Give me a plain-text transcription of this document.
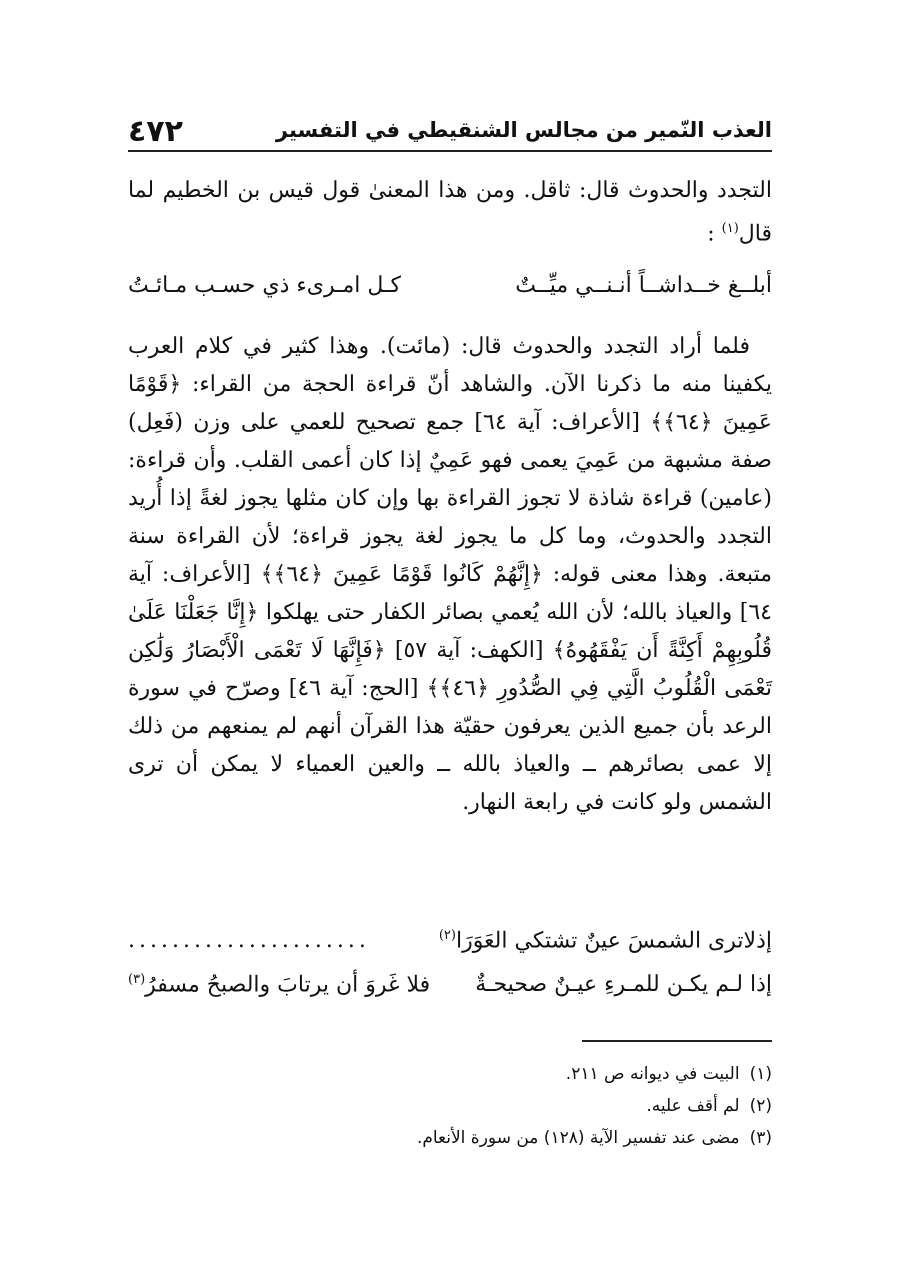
٤٧٢	العذب النّمير من مجالس الشنقيطي في التفسير

التجدد والحدوث قال: ثاقل. ومن هذا المعنىٰ قول قيس بن الخطيم لما قال$^{(١)}$ :

أبلــغ خــداشــاً أنـنــي ميِّــتٌ
كـل امـرىء ذي حسـب مـائـتُ

فلما أراد التجدد والحدوث قال: (مائت). وهذا كثير في كلام العرب يكفينا منه ما ذكرنا الآن. والشاهد أنّ قراءة الحجة من القراء: ﴿قَوْمًا عَمِينَ ﴿٦٤﴾﴾ [الأعراف: آية ٦٤] جمع تصحيح للعمي على وزن (فَعِل) صفة مشبهة من عَمِيَ يعمى فهو عَمِيٌ إذا كان أعمى القلب. وأن قراءة: (عامين) قراءة شاذة لا تجوز القراءة بها وإن كان مثلها يجوز لغةً إذا أُريد التجدد والحدوث، وما كل ما يجوز لغة يجوز قراءة؛ لأن القراءة سنة متبعة. وهذا معنى قوله: ﴿إِنَّهُمْ كَانُوا قَوْمًا عَمِينَ ﴿٦٤﴾﴾ [الأعراف: آية ٦٤] والعياذ بالله؛ لأن الله يُعمي بصائر الكفار حتى يهلكوا ﴿إِنَّا جَعَلْنَا عَلَىٰ قُلُوبِهِمْ أَكِنَّةً أَن يَفْقَهُوهُ﴾ [الكهف: آية ٥٧] ﴿فَإِنَّهَا لَا تَعْمَى الْأَبْصَارُ وَلَٰكِن تَعْمَى الْقُلُوبُ الَّتِي فِي الصُّدُورِ ﴿٤٦﴾﴾ [الحج: آية ٤٦] وصرّح في سورة الرعد بأن جميع الذين يعرفون حقيّة هذا القرآن أنهم لم يمنعهم من ذلك إلا عمى بصائرهم ــ والعياذ بالله ــ والعين العمياء لا يمكن أن ترى الشمس ولو كانت في رابعة النهار.

إذلاترى الشمسَ عينٌ تشتكي العَوَرَا$^{(٢)}$
......................
إذا لـم يكـن للمـرءِ عيـنٌ صحيحـةٌ
فلا غَروَ أن يرتابَ والصبحُ مسفرُ$^{(٣)}$
(١)البيت في ديوانه ص ٢١١.
(٢)لم أقف عليه.
(٣)مضى عند تفسير الآية (١٢٨) من سورة الأنعام.
